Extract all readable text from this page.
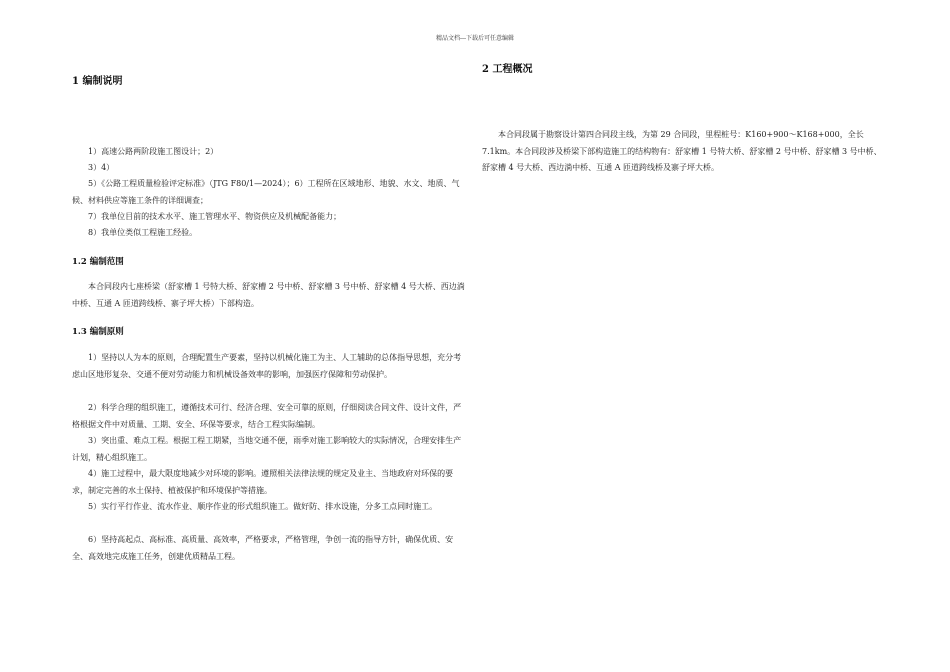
精品文档---下载后可任意编辑
1 编制说明
1）高速公路两阶段施工图设计；2）
3）4）
5）《公路工程质量检验评定标准》（JTG F80/1—2024）；6）工程所在区域地形、地貌、水文、地质、气候、材料供应等施工条件的详细调查；
7）我单位目前的技术水平、施工管理水平、物资供应及机械配备能力；
8）我单位类似工程施工经验。
1.2 编制范围
本合同段内七座桥梁（舒家槽 1 号特大桥、舒家槽 2 号中桥、舒家槽 3 号中桥、舒家槽 4 号大桥、西边淌中桥、互通 A 匝道跨线桥、寨子坪大桥）下部构造。
1.3 编制原则
1）坚持以人为本的原则，合理配置生产要素，坚持以机械化施工为主、人工辅助的总体指导思想，充分考虑山区地形复杂、交通不便对劳动能力和机械设备效率的影响，加强医疗保障和劳动保护。
2）科学合理的组织施工，遵循技术可行、经济合理、安全可靠的原则，仔细阅读合同文件、设计文件，严格根据文件中对质量、工期、安全、环保等要求，结合工程实际编制。
3）突出重、难点工程。根据工程工期紧，当地交通不便，雨季对施工影响较大的实际情况，合理安排生产计划，精心组织施工。
4）施工过程中，最大限度地减少对环境的影响。遵照相关法律法规的规定及业主、当地政府对环保的要求，制定完善的水土保持、植被保护和环境保护等措施。
5）实行平行作业、流水作业、顺序作业的形式组织施工。做好防、排水设施，分多工点同时施工。
6）坚持高起点、高标准、高质量、高效率，严格要求，严格管理，争创一流的指导方针，确保优质、安全、高效地完成施工任务，创建优质精品工程。
2 工程概况
本合同段属于勘察设计第四合同段主线，为第 29 合同段，里程桩号：K160+900～K168+000，全长 7.1km。本合同段涉及桥梁下部构造施工的结构物有：舒家槽 1 号特大桥、舒家槽 2 号中桥、舒家槽 3 号中桥、舒家槽 4 号大桥、西边淌中桥、互通 A 匝道跨线桥及寨子坪大桥。
